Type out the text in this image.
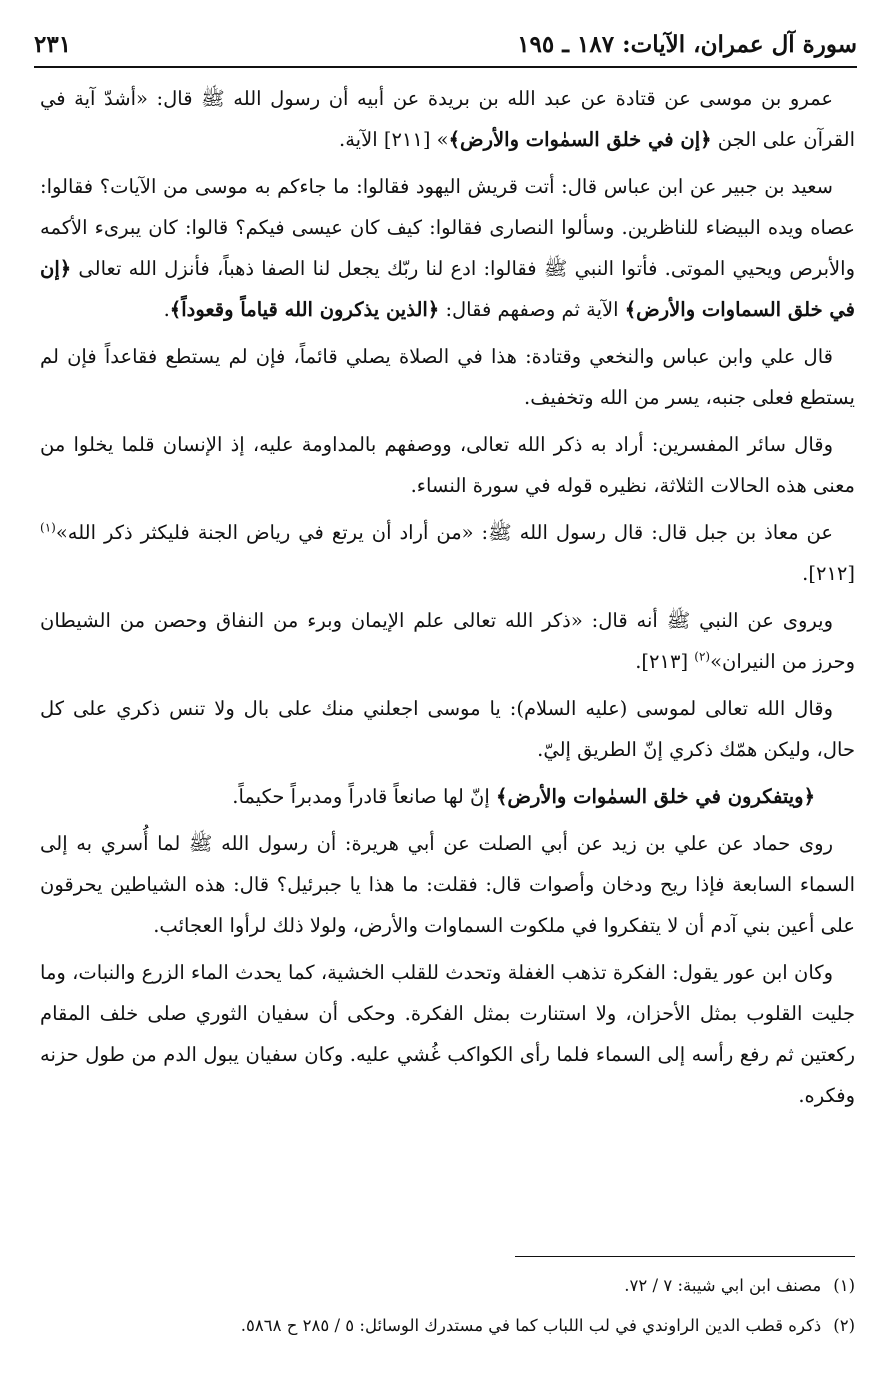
سورة آل عمران، الآيات: ١٨٧ ـ ١٩٥
٢٣١

عمرو بن موسى عن قتادة عن عبد الله بن بريدة عن أبيه أن رسول الله ﷺ قال: «أشدّ آية في القرآن على الجن ﴿إن في خلق السمٰوات والأرض﴾» [٢١١] الآية.

سعيد بن جبير عن ابن عباس قال: أتت قريش اليهود فقالوا: ما جاءكم به موسى من الآيات؟ فقالوا: عصاه ويده البيضاء للناظرين. وسألوا النصارى فقالوا: كيف كان عيسى فيكم؟ قالوا: كان يبرىء الأكمه والأبرص ويحيي الموتى. فأتوا النبي ﷺ فقالوا: ادع لنا ربّك يجعل لنا الصفا ذهباً، فأنزل الله تعالى ﴿إن في خلق السماوات والأرض﴾ الآية ثم وصفهم فقال: ﴿الذين يذكرون الله قياماً وقعوداً﴾.

قال علي وابن عباس والنخعي وقتادة: هذا في الصلاة يصلي قائماً، فإن لم يستطع فقاعداً فإن لم يستطع فعلى جنبه، يسر من الله وتخفيف.

وقال سائر المفسرين: أراد به ذكر الله تعالى، ووصفهم بالمداومة عليه، إذ الإنسان قلما يخلوا من معنى هذه الحالات الثلاثة، نظيره قوله في سورة النساء.

عن معاذ بن جبل قال: قال رسول الله ﷺ: «من أراد أن يرتع في رياض الجنة فليكثر ذكر الله»$^{(١)}$ [٢١٢].

ويروى عن النبي ﷺ أنه قال: «ذكر الله تعالى علم الإيمان وبرء من النفاق وحصن من الشيطان وحرز من النيران»$^{(٢)}$ [٢١٣].

وقال الله تعالى لموسى (عليه السلام): يا موسى اجعلني منك على بال ولا تنس ذكري على كل حال، وليكن همّك ذكري إنّ الطريق إليّ.

﴿ويتفكرون في خلق السمٰوات والأرض﴾ إنّ لها صانعاً قادراً ومدبراً حكيماً.

روى حماد عن علي بن زيد عن أبي الصلت عن أبي هريرة: أن رسول الله ﷺ لما أُسري به إلى السماء السابعة فإذا ريح ودخان وأصوات قال: فقلت: ما هذا يا جبرئيل؟ قال: هذه الشياطين يحرقون على أعين بني آدم أن لا يتفكروا في ملكوت السماوات والأرض، ولولا ذلك لرأوا العجائب.

وكان ابن عور يقول: الفكرة تذهب الغفلة وتحدث للقلب الخشية، كما يحدث الماء الزرع والنبات، وما جليت القلوب بمثل الأحزان، ولا استنارت بمثل الفكرة. وحكى أن سفيان الثوري صلى خلف المقام ركعتين ثم رفع رأسه إلى السماء فلما رأى الكواكب غُشي عليه. وكان سفيان يبول الدم من طول حزنه وفكره.

(١)
مصنف ابن ابي شيبة: ٧ / ٧٢.
(٢)
ذكره قطب الدين الراوندي في لب اللباب كما في مستدرك الوسائل: ٥ / ٢٨٥ ح ٥٨٦٨.
